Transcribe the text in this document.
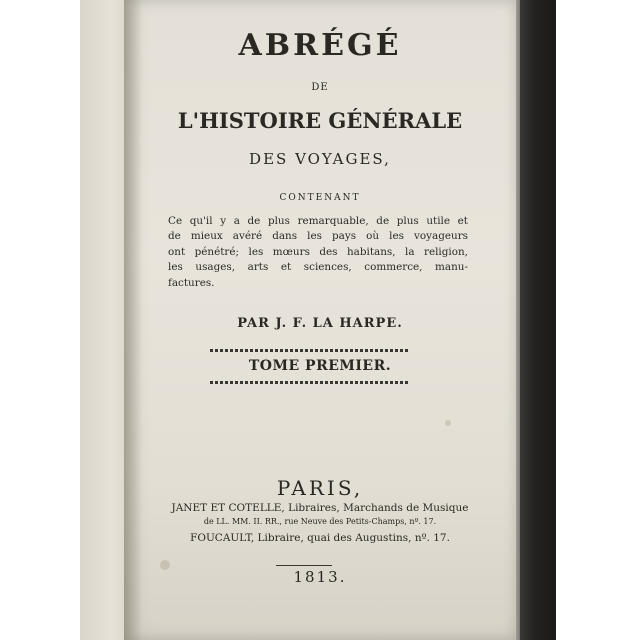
ABRÉGÉ
DE
L'HISTOIRE GÉNÉRALE
DES VOYAGES,
CONTENANT
Ce qu'il y a de plus remarquable, de plus utile et
de mieux avéré dans les pays où les voyageurs
ont pénétré; les mœurs des habitans, la religion,
les usages, arts et sciences, commerce, manu-
factures.
PAR J. F. LA HARPE.
TOME PREMIER.
PARIS,
JANET ET COTELLE, Libraires, Marchands de Musique
de LL. MM. II. RR., rue Neuve des Petits-Champs, nº. 17.
FOUCAULT, Libraire, quai des Augustins, nº. 17.
1813.
